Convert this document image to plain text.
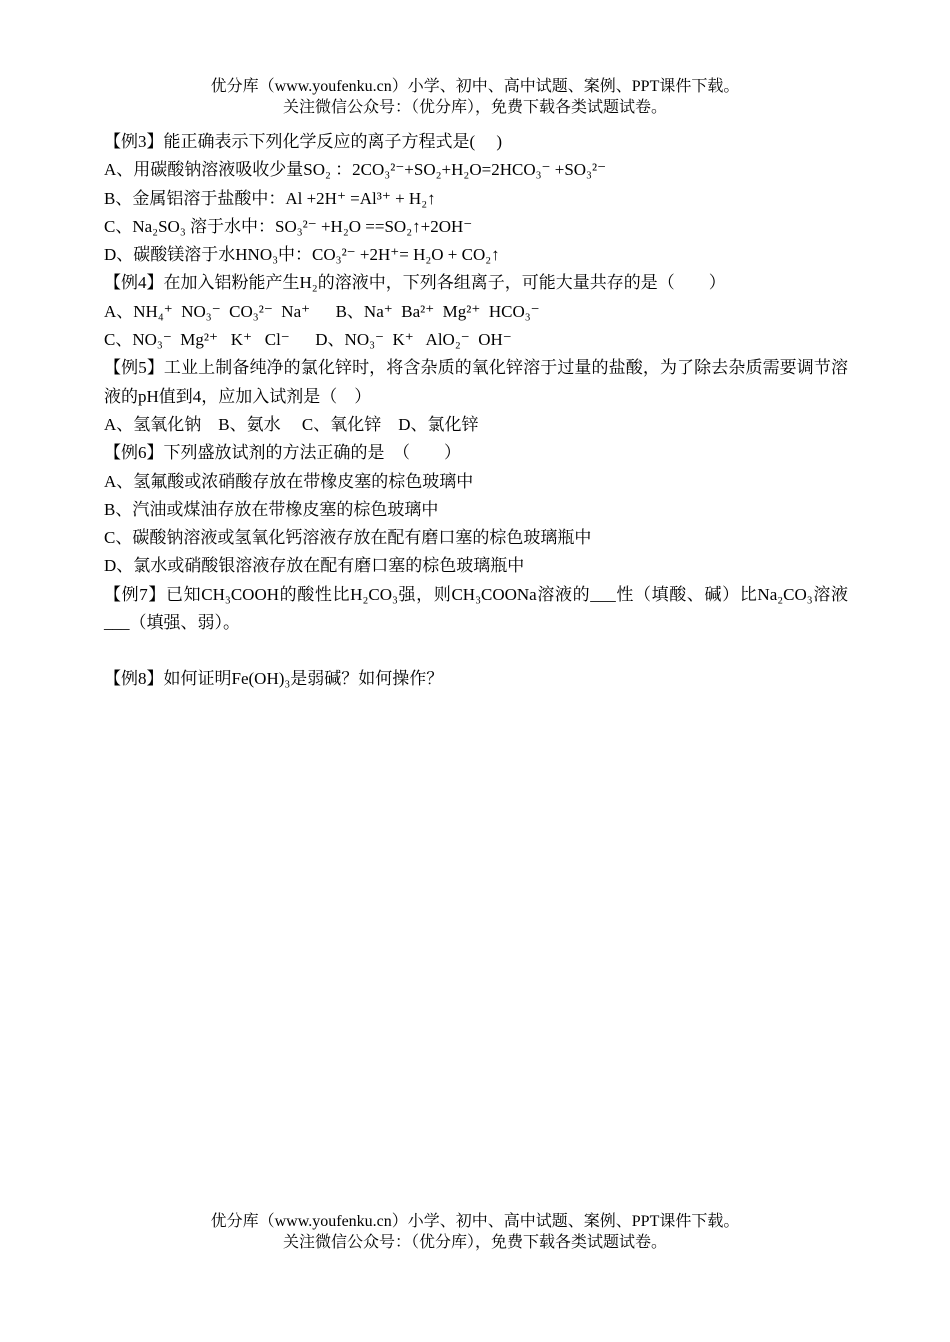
优分库（www.youfenku.cn）小学、初中、高中试题、案例、PPT课件下载。
关注微信公众号：（优分库），免费下载各类试题试卷。
【例3】能正确表示下列化学反应的离子方程式是(　 )
A、用碳酸钠溶液吸收少量SO₂ ：2CO₃²⁻+SO₂+H₂O=2HCO₃⁻ +SO₃²⁻
B、金属铝溶于盐酸中：Al +2H⁺ =Al³⁺ + H₂↑
C、Na₂SO₃ 溶于水中：SO₃²⁻ +H₂O ==SO₂↑+2OH⁻
D、碳酸镁溶于水HNO₃中：CO₃²⁻ +2H⁺= H₂O + CO₂↑
【例4】在加入铝粉能产生H₂的溶液中，下列各组离子，可能大量共存的是（　　）
A、NH₄⁺  NO₃⁻  CO₃²⁻  Na⁺      B、Na⁺  Ba²⁺  Mg²⁺  HCO₃⁻
C、NO₃⁻  Mg²⁺   K⁺   Cl⁻      D、NO₃⁻  K⁺   AlO₂⁻  OH⁻
【例5】工业上制备纯净的氯化锌时，将含杂质的氧化锌溶于过量的盐酸，为了除去杂质需要调节溶液的pH值到4，应加入试剂是（　）
A、氢氧化钠　B、氨水　 C、氧化锌　D、氯化锌
【例6】下列盛放试剂的方法正确的是　（　　）
A、氢氟酸或浓硝酸存放在带橡皮塞的棕色玻璃中
B、汽油或煤油存放在带橡皮塞的棕色玻璃中
C、碳酸钠溶液或氢氧化钙溶液存放在配有磨口塞的棕色玻璃瓶中
D、氯水或硝酸银溶液存放在配有磨口塞的棕色玻璃瓶中
【例7】已知CH₃COOH的酸性比H₂CO₃强，则CH₃COONa溶液的___性（填酸、碱）比Na₂CO₃溶液___（填强、弱）。
【例8】如何证明Fe(OH)₃是弱碱？如何操作？
优分库（www.youfenku.cn）小学、初中、高中试题、案例、PPT课件下载。
关注微信公众号：（优分库），免费下载各类试题试卷。
